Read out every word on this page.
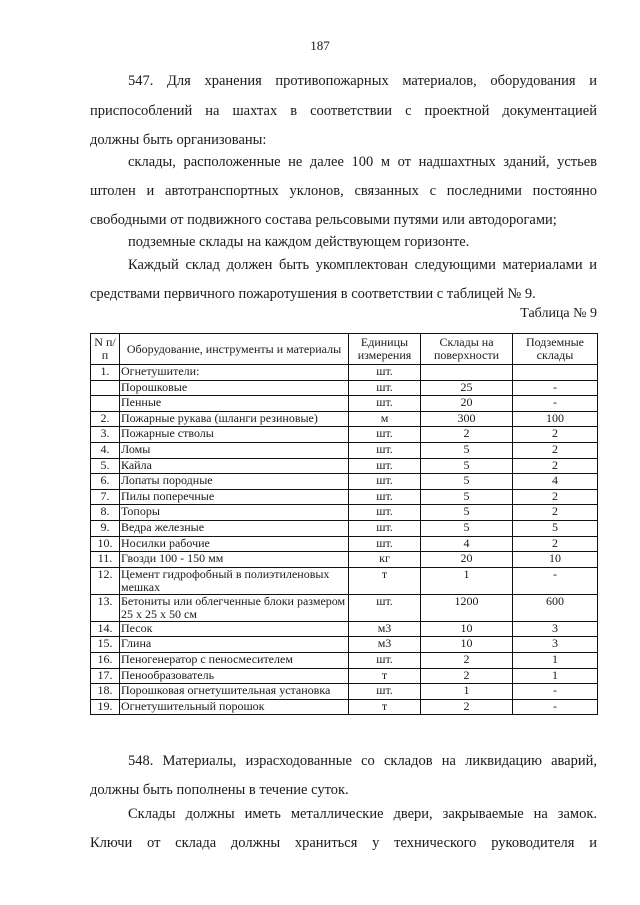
187
547. Для хранения противопожарных материалов, оборудования и
приспособлений на шахтах в соответствии с проектной документацией
должны быть организованы:
склады, расположенные не далее 100 м от надшахтных зданий, устьев
штолен и автотранспортных уклонов, связанных с последними постоянно
свободными от подвижного состава рельсовыми путями или автодорогами;
подземные склады на каждом действующем горизонте.
Каждый склад должен быть укомплектован следующими материалами и
средствами первичного пожаротушения в соответствии с таблицей № 9.
Таблица № 9
N п/п	Оборудование, инструменты и материалы	Единицы измерения	Склады на поверхности	Подземные склады
1.	Огнетушители:	шт.		
	Порошковые	шт.	25	-
	Пенные	шт.	20	-
2.	Пожарные рукава (шланги резиновые)	м	300	100
3.	Пожарные стволы	шт.	2	2
4.	Ломы	шт.	5	2
5.	Кайла	шт.	5	2
6.	Лопаты породные	шт.	5	4
7.	Пилы поперечные	шт.	5	2
8.	Топоры	шт.	5	2
9.	Ведра железные	шт.	5	5
10.	Носилки рабочие	шт.	4	2
11.	Гвозди 100 - 150 мм	кг	20	10
12.	Цемент гидрофобный в полиэтиленовых мешках	т	1	-
13.	Бетониты или облегченные блоки размером 25 х 25 х 50 см	шт.	1200	600
14.	Песок	м3	10	3
15.	Глина	м3	10	3
16.	Пеногенератор с пеносмесителем	шт.	2	1
17.	Пенообразователь	т	2	1
18.	Порошковая огнетушительная установка	шт.	1	-
19.	Огнетушительный порошок	т	2	-
548. Материалы, израсходованные со складов на ликвидацию аварий,
должны быть пополнены в течение суток.
Склады должны иметь металлические двери, закрываемые на замок.
Ключи от склада должны храниться у технического руководителя и
